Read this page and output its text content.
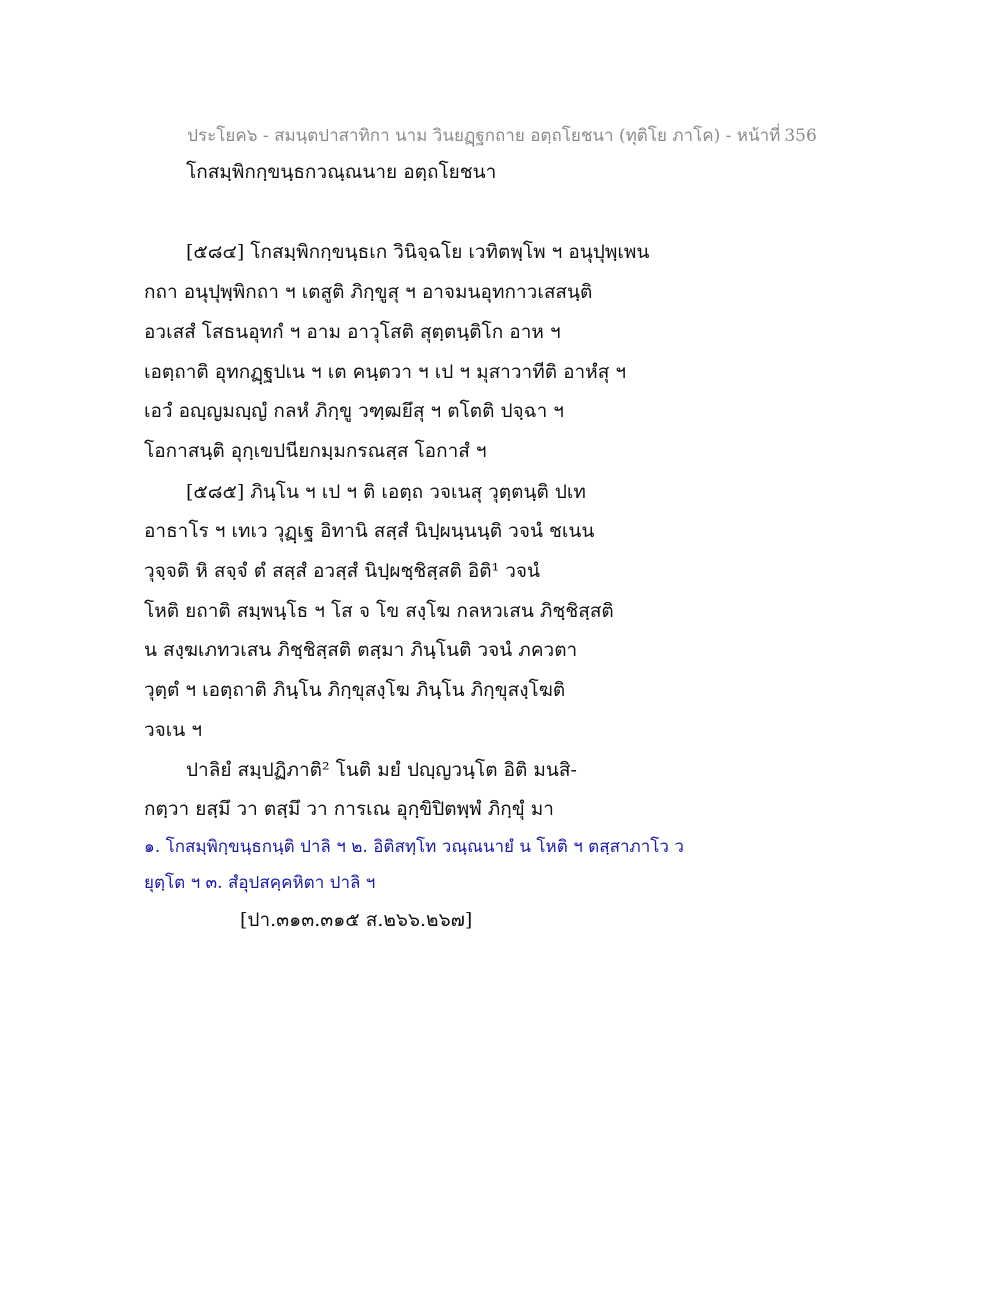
ประโยค๖ - สมนฺตปาสาทิกา นาม วินยฏฺฐกถาย อตฺถโยชนา (ทุติโย ภาโค) - หน้าที่ 356
โกสมฺพิกกฺขนฺธกวณฺณนาย อตฺถโยชนา
[๕๘๔] โกสมฺพิกกฺขนฺธเก วินิจฺฉโย เวทิตพฺโพ ฯ อนุปุพฺเพน
กถา อนุปุพฺพิกถา ฯ เตสูติ ภิกฺขูสุ ฯ อาจมนอุทกาวเสสนฺติ
อวเสสํ โสธนอุทกํ ฯ อาม อาวุโสติ สุตฺตนฺติโก อาห ฯ
เอตฺถาติ อุทกฏฺฐปเน ฯ เต คนฺตวา ฯ เป ฯ มุสาวาทีติ อาหํสุ ฯ
เอวํ อญฺญมญฺญํ กลหํ ภิกฺขู วฑฺฒยึสุ ฯ ตโตติ ปจฺฉา ฯ
โอกาสนฺติ อุกฺเขปนียกมฺมกรณสฺส โอกาสํ ฯ
[๕๘๕] ภินฺโน ฯ เป ฯ ติ เอตฺถ วจเนสุ วุตฺตนฺติ ปเท
อาธาโร ฯ เทเว วุฏฺเฐ อิทานิ สสฺสํ นิปฺผนฺนนฺติ วจนํ ชเนน
วุจฺจติ หิ สจฺจํ ตํ สสฺสํ อวสฺสํ นิปฺผชฺชิสฺสติ อิติ¹ วจนํ
โหติ ยถาติ สมฺพนฺโธ ฯ โส จ โข สงฺโฆ กลหวเสน ภิชฺชิสฺสติ
น สงฺฆเภทวเสน ภิชฺชิสฺสติ ตสฺมา ภินฺโนติ วจนํ ภควตา
วุตฺตํ ฯ เอตฺถาติ ภินฺโน ภิกฺขุสงฺโฆ ภินฺโน ภิกฺขุสงฺโฆติ
วจเน ฯ
ปาลิยํ สมฺปฏิภาติ² โนติ มยํ ปญฺญวนฺโต อิติ มนสิ-
กตฺวา ยสฺมึ วา ตสฺมึ วา การเณ อุกฺขิปิตพฺพํ ภิกฺขุํ มา
๑. โกสมฺพิกฺขนฺธกนฺติ ปาลิ ฯ ๒. อิติสทฺโท วณฺณนายํ น โหติ ฯ ตสฺสาภาโว ว
ยุตฺโต ฯ ๓. สํอุปสคฺคหิตา ปาลิ ฯ
[ปา.๓๑๓.๓๑๕ ส.๒๖๖.๒๖๗]
